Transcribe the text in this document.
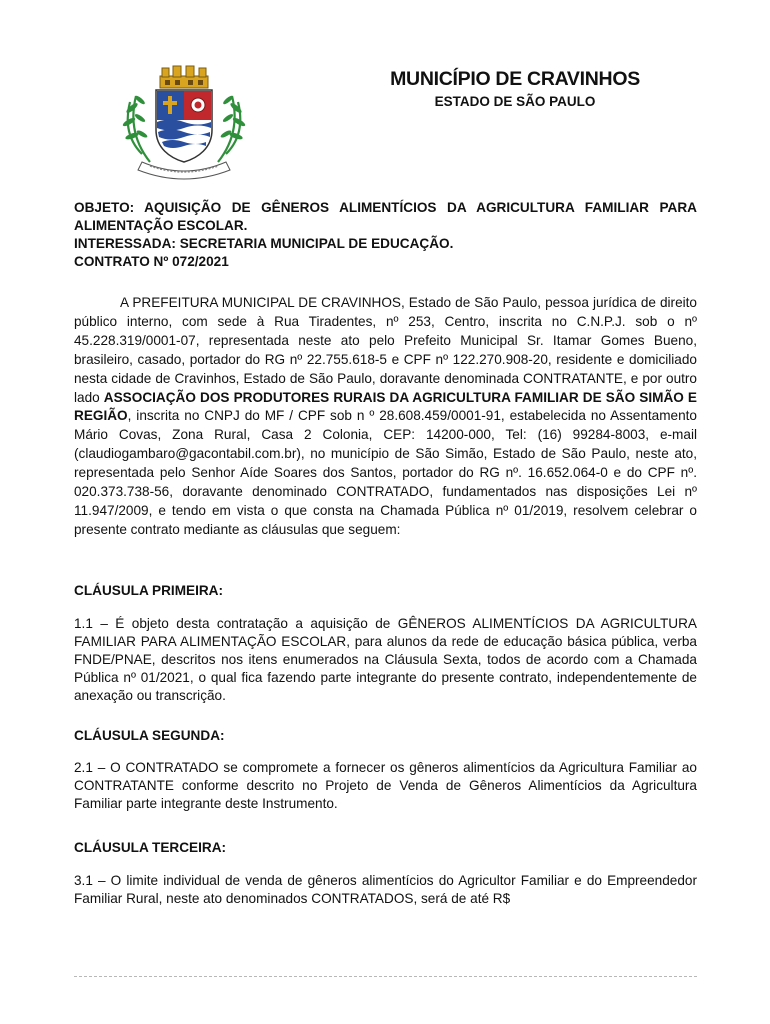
MUNICÍPIO DE CRAVINHOS
ESTADO DE SÃO PAULO

OBJETO: AQUISIÇÃO DE GÊNEROS ALIMENTÍCIOS DA AGRICULTURA FAMILIAR PARA ALIMENTAÇÃO ESCOLAR.

INTERESSADA: SECRETARIA MUNICIPAL DE EDUCAÇÃO.

CONTRATO Nº 072/2021

A PREFEITURA MUNICIPAL DE CRAVINHOS, Estado de São Paulo, pessoa jurídica de direito público interno, com sede à Rua Tiradentes, nº 253, Centro, inscrita no C.N.P.J. sob o nº 45.228.319/0001-07, representada neste ato pelo Prefeito Municipal Sr. Itamar Gomes Bueno, brasileiro, casado, portador do RG nº 22.755.618-5 e CPF nº 122.270.908-20, residente e domiciliado nesta cidade de Cravinhos, Estado de São Paulo, doravante denominada CONTRATANTE, e por outro lado ASSOCIAÇÃO DOS PRODUTORES RURAIS DA AGRICULTURA FAMILIAR DE SÃO SIMÃO E REGIÃO, inscrita no CNPJ do MF / CPF sob n º 28.608.459/0001-91, estabelecida no Assentamento Mário Covas, Zona Rural, Casa 2 Colonia, CEP: 14200-000, Tel: (16) 99284-8003, e-mail (claudiogambaro@gacontabil.com.br), no município de São Simão, Estado de São Paulo, neste ato, representada pelo Senhor Aíde Soares dos Santos, portador do RG nº. 16.652.064-0 e do CPF nº. 020.373.738-56, doravante denominado CONTRATADO, fundamentados nas disposições Lei nº 11.947/2009, e tendo em vista o que consta na Chamada Pública nº 01/2019, resolvem celebrar o presente contrato mediante as cláusulas que seguem:

CLÁUSULA PRIMEIRA:
1.1 – É objeto desta contratação a aquisição de GÊNEROS ALIMENTÍCIOS DA AGRICULTURA FAMILIAR PARA ALIMENTAÇÃO ESCOLAR, para alunos da rede de educação básica pública, verba FNDE/PNAE, descritos nos itens enumerados na Cláusula Sexta, todos de acordo com a Chamada Pública nº 01/2021, o qual fica fazendo parte integrante do presente contrato, independentemente de anexação ou transcrição.
CLÁUSULA SEGUNDA:
2.1 – O CONTRATADO se compromete a fornecer os gêneros alimentícios da Agricultura Familiar ao CONTRATANTE conforme descrito no Projeto de Venda de Gêneros Alimentícios da Agricultura Familiar parte integrante deste Instrumento.
CLÁUSULA TERCEIRA:
3.1 – O limite individual de venda de gêneros alimentícios do Agricultor Familiar e do Empreendedor Familiar Rural, neste ato denominados CONTRATADOS, será de até R$
